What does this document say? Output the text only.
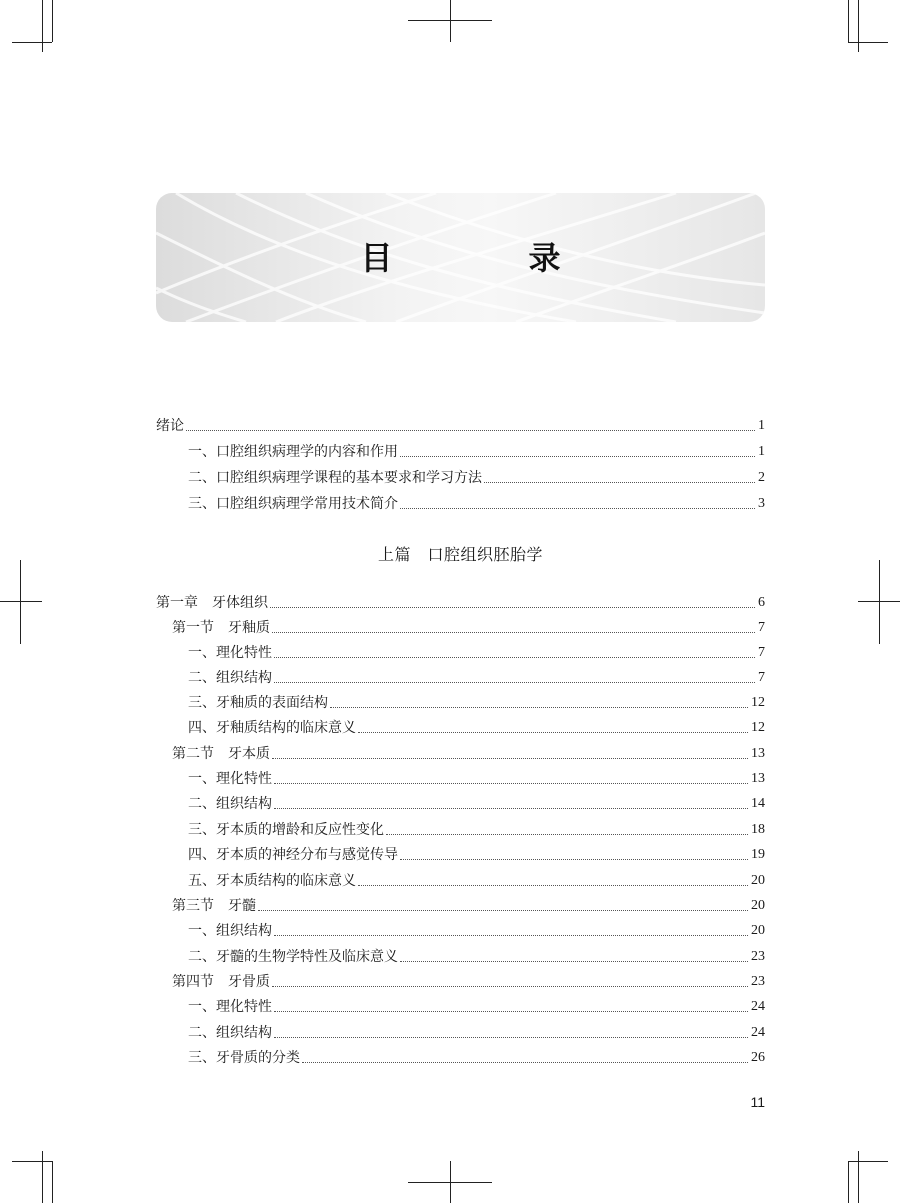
目　录
绪论	1
一、口腔组织病理学的内容和作用	1
二、口腔组织病理学课程的基本要求和学习方法	2
三、口腔组织病理学常用技术简介	3
上篇　口腔组织胚胎学
第一章　牙体组织	6
第一节　牙釉质	7
一、理化特性	7
二、组织结构	7
三、牙釉质的表面结构	12
四、牙釉质结构的临床意义	12
第二节　牙本质	13
一、理化特性	13
二、组织结构	14
三、牙本质的增龄和反应性变化	18
四、牙本质的神经分布与感觉传导	19
五、牙本质结构的临床意义	20
第三节　牙髓	20
一、组织结构	20
二、牙髓的生物学特性及临床意义	23
第四节　牙骨质	23
一、理化特性	24
二、组织结构	24
三、牙骨质的分类	26
11
